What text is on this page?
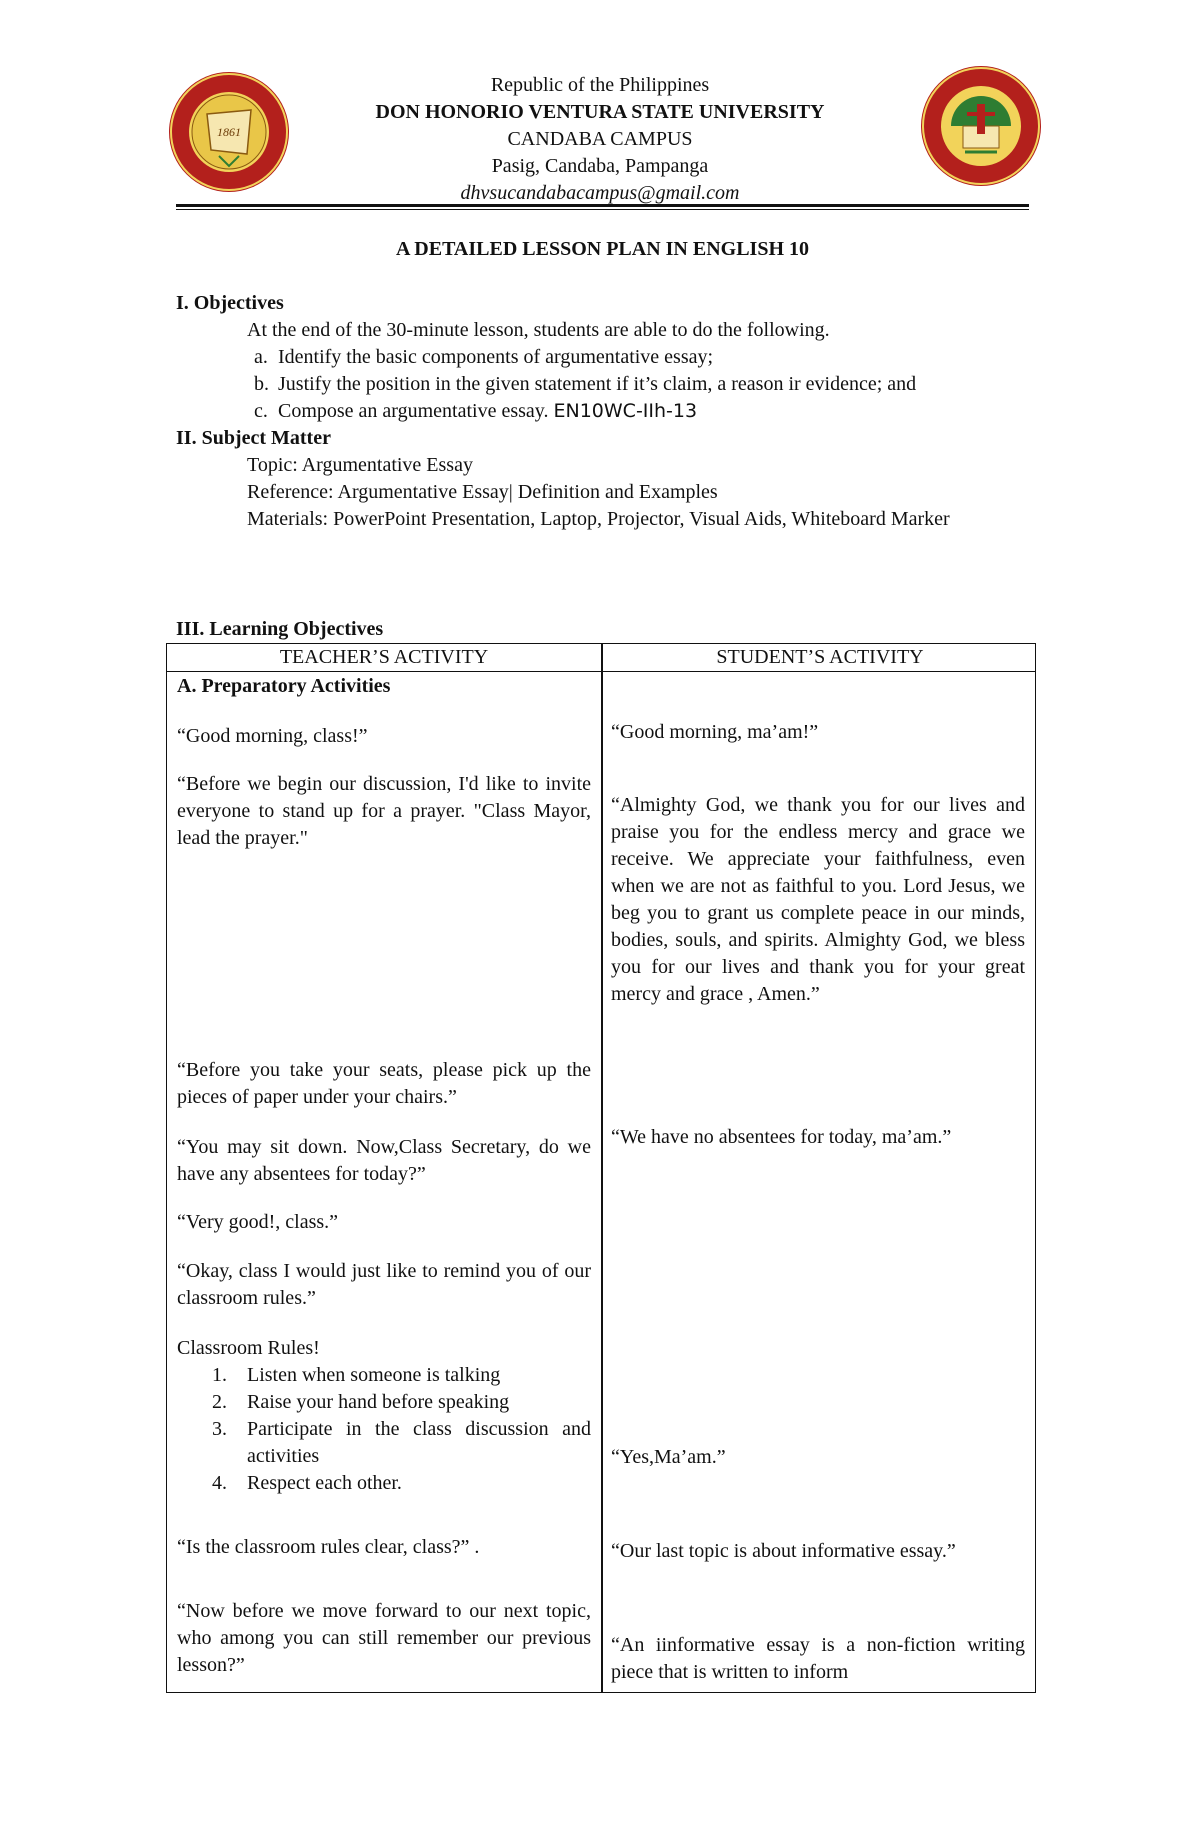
1861
Republic of the Philippines
DON HONORIO VENTURA STATE UNIVERSITY
CANDABA CAMPUS
Pasig, Candaba, Pampanga
dhvsucandabacampus@gmail.com
A DETAILED LESSON PLAN IN ENGLISH 10
I. Objectives
At the end of the 30-minute lesson, students are able to do the following.
a. Identify the basic components of argumentative essay;
b. Justify the position in the given statement if it’s claim, a reason ir evidence; and
c. Compose an argumentative essay. EN10WC-IIh-13
II. Subject Matter
Topic: Argumentative Essay
Reference: Argumentative Essay| Definition and Examples
Materials: PowerPoint Presentation, Laptop, Projector, Visual Aids, Whiteboard Marker
III. Learning Objectives
TEACHER’S ACTIVITY	STUDENT’S ACTIVITY
A. Preparatory Activities
“Good morning, class!”
“Before we begin our discussion, I'd like to invite everyone to stand up for a prayer. "Class Mayor, lead the prayer."
“Before you take your seats, please pick up the pieces of paper under your chairs.”
“You may sit down. Now,Class Secretary, do we have any absentees for today?”
“Very good!, class.”
“Okay, class I would just like to remind you of our classroom rules.”
Classroom Rules!
1. Listen when someone is talking
2. Raise your hand before speaking
3. Participate in the class discussion and activities
4. Respect each other.
“Is the classroom rules clear, class?” .
“Now before we move forward to our next topic, who among you can still remember our previous lesson?”
“Good morning, ma’am!”
“Almighty God, we thank you for our lives and praise you for the endless mercy and grace we receive. We appreciate your faithfulness, even when we are not as faithful to you. Lord Jesus, we beg you to grant us complete peace in our minds, bodies, souls, and spirits. Almighty God, we bless you for our lives and thank you for your great mercy and grace , Amen.”
“We have no absentees for today, ma’am.”
“Yes,Ma’am.”
“Our last topic is about informative essay.”
“An iinformative essay is a non-fiction writing piece that is written to inform
